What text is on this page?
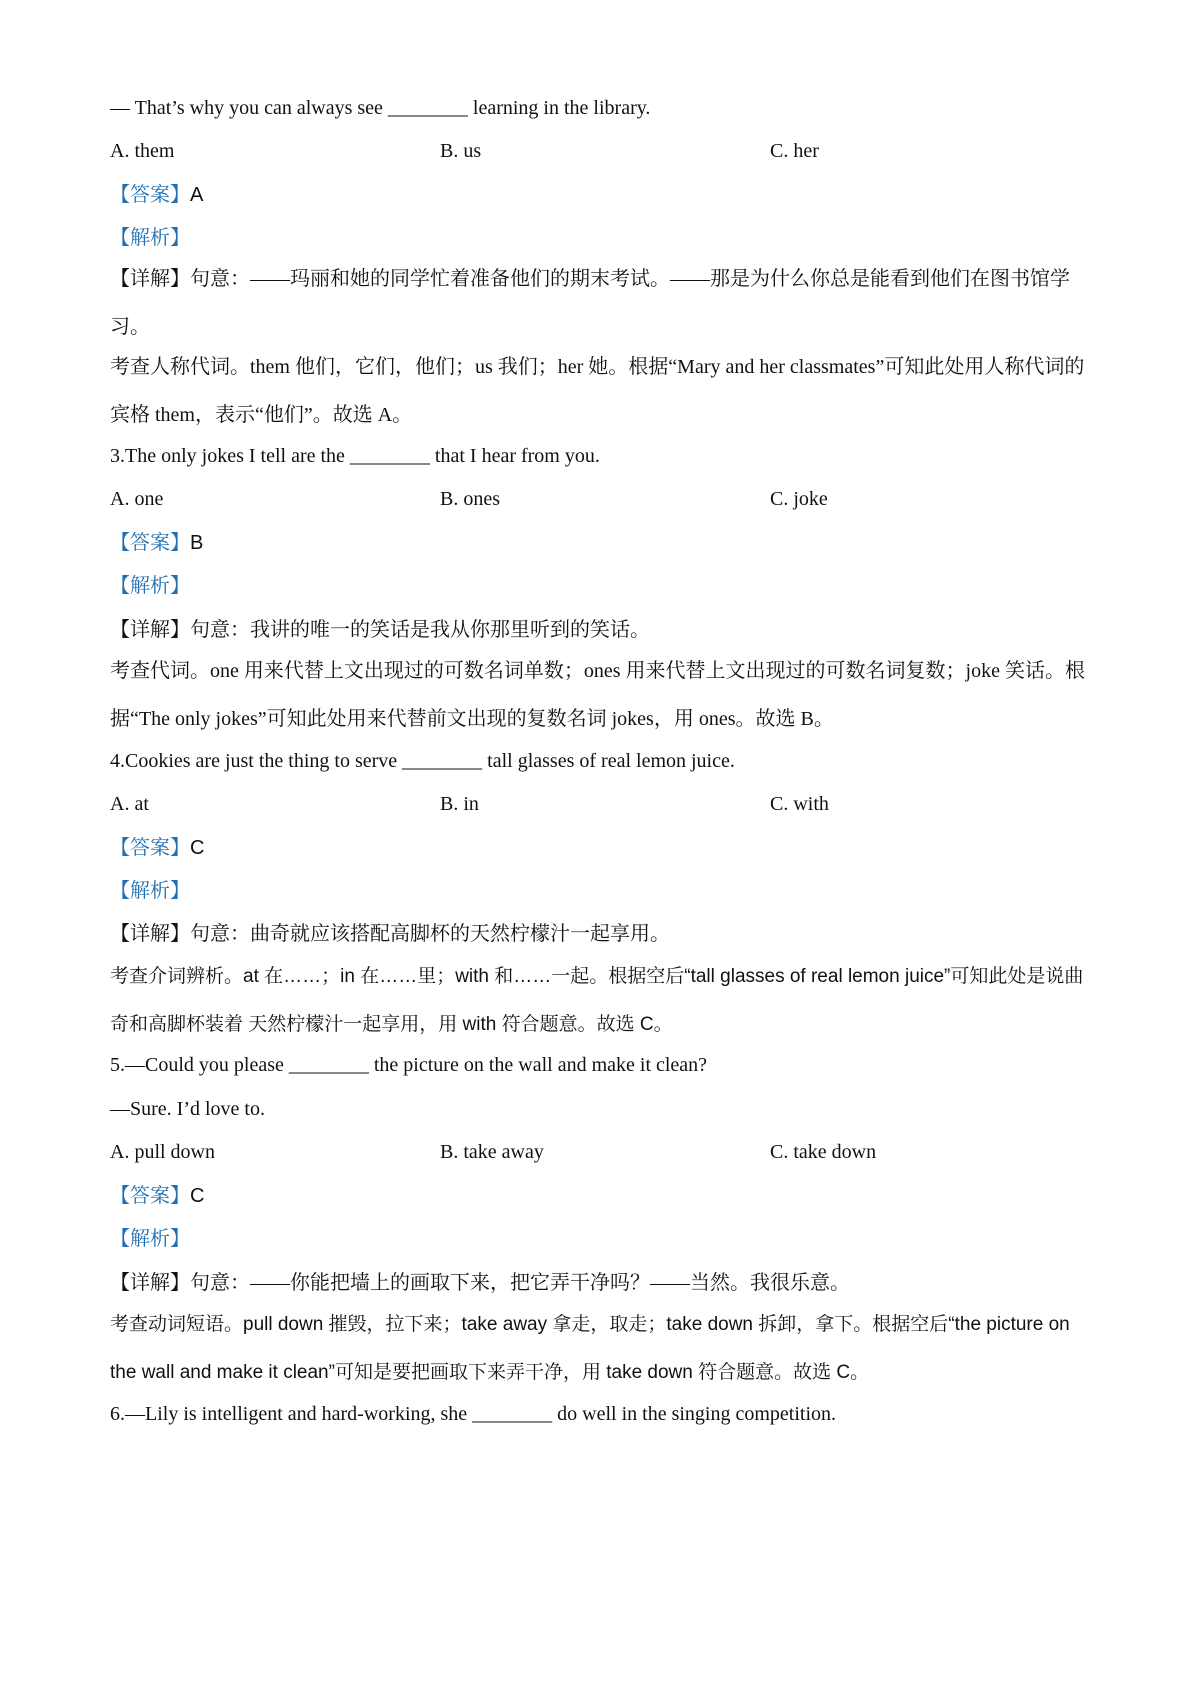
— That’s why you can always see ________ learning in the library.
A. them	B. us	C. her
【答案】A
【解析】
【详解】句意：——玛丽和她的同学忙着准备他们的期末考试。——那是为什么你总是能看到他们在图书馆学习。
考查人称代词。them 他们，它们，他们；us 我们；her 她。根据“Mary and her classmates”可知此处用人称代词的宾格 them，表示“他们”。故选 A。
3.The only jokes I tell are the ________ that I hear from you.
A. one	B. ones	C. joke
【答案】B
【解析】
【详解】句意：我讲的唯一的笑话是我从你那里听到的笑话。
考查代词。one 用来代替上文出现过的可数名词单数；ones 用来代替上文出现过的可数名词复数；joke 笑话。根据“The only jokes”可知此处用来代替前文出现的复数名词 jokes，用 ones。故选 B。
4.Cookies are just the thing to serve ________ tall glasses of real lemon juice.
A. at	B. in	C. with
【答案】C
【解析】
【详解】句意：曲奇就应该搭配高脚杯的天然柠檬汁一起享用。
考查介词辨析。at 在……；in 在……里；with 和……一起。根据空后“tall glasses of real lemon juice”可知此处是说曲奇和高脚杯装着 天然柠檬汁一起享用，用 with 符合题意。故选 C。
5.—Could you please ________ the picture on the wall and make it clean?
—Sure. I’d love to.
A. pull down	B. take away	C. take down
【答案】C
【解析】
【详解】句意：——你能把墙上的画取下来，把它弄干净吗？——当然。我很乐意。
考查动词短语。pull down 摧毁，拉下来；take away 拿走，取走；take down 拆卸，拿下。根据空后“the picture on the wall and make it clean”可知是要把画取下来弄干净，用 take down 符合题意。故选 C。
6.—Lily is intelligent and hard-working, she ________ do well in the singing competition.
